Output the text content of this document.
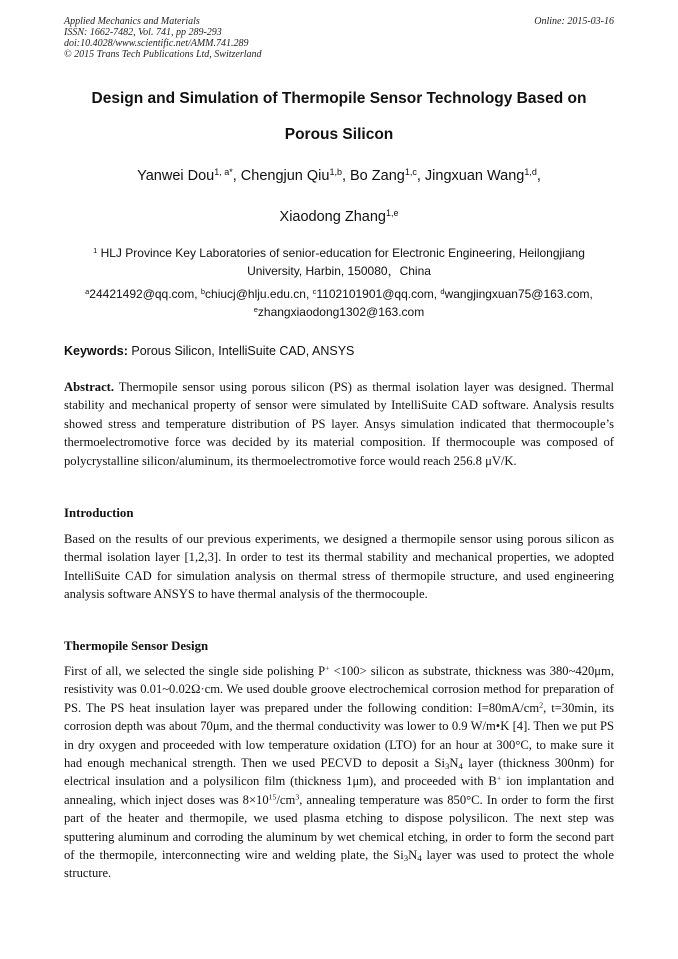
Applied Mechanics and Materials
ISSN: 1662-7482, Vol. 741, pp 289-293
doi:10.4028/www.scientific.net/AMM.741.289
© 2015 Trans Tech Publications Ltd, Switzerland
Online: 2015-03-16
Design and Simulation of Thermopile Sensor Technology Based on
Porous Silicon
Yanwei Dou$^{1, a*}$, Chengjun Qiu$^{1,b}$, Bo Zang$^{1,c}$, Jingxuan Wang$^{1,d}$,
Xiaodong Zhang$^{1,e}$
$^1$ HLJ Province Key Laboratories of senior-education for Electronic Engineering, Heilongjiang
University, Harbin, 150080，China
$^a$24421492@qq.com, $^b$chiucj@hlju.edu.cn, $^c$1102101901@qq.com, $^d$wangjingxuan75@163.com,
$^e$zhangxiaodong1302@163.com
Keywords: Porous Silicon, IntelliSuite CAD, ANSYS
Abstract. Thermopile sensor using porous silicon (PS) as thermal isolation layer was designed. Thermal stability and mechanical property of sensor were simulated by IntelliSuite CAD software. Analysis results showed stress and temperature distribution of PS layer. Ansys simulation indicated that thermocouple’s thermoelectromotive force was decided by its material composition. If thermocouple was composed of polycrystalline silicon/aluminum, its thermoelectromotive force would reach 256.8 μV/K.
Introduction
Based on the results of our previous experiments, we designed a thermopile sensor using porous silicon as thermal isolation layer [1,2,3]. In order to test its thermal stability and mechanical properties, we adopted IntelliSuite CAD for simulation analysis on thermal stress of thermopile structure, and used engineering analysis software ANSYS to have thermal analysis of the thermocouple.
Thermopile Sensor Design
First of all, we selected the single side polishing P+ <100> silicon as substrate, thickness was 380~420μm, resistivity was 0.01~0.02Ω·cm. We used double groove electrochemical corrosion method for preparation of PS. The PS heat insulation layer was prepared under the following condition: $I=80mA/cm^2$, t=30min, its corrosion depth was about 70μm, and the thermal conductivity was lower to 0.9 W/m•K [4]. Then we put PS in dry oxygen and proceeded with low temperature oxidation (LTO) for an hour at 300°C, to make sure it had enough mechanical strength. Then we used PECVD to deposit a $Si_3N_4$ layer (thickness 300nm) for electrical insulation and a polysilicon film (thickness 1μm), and proceeded with B+ ion implantation and annealing, which inject doses was $8\times 10^{15}/cm^3$, annealing temperature was 850°C. In order to form the first part of the heater and thermopile, we used plasma etching to dispose polysilicon. The next step was sputtering aluminum and corroding the aluminum by wet chemical etching, in order to form the second part of the thermopile, interconnecting wire and welding plate, the $Si_3N_4$ layer was used to protect the whole structure.
